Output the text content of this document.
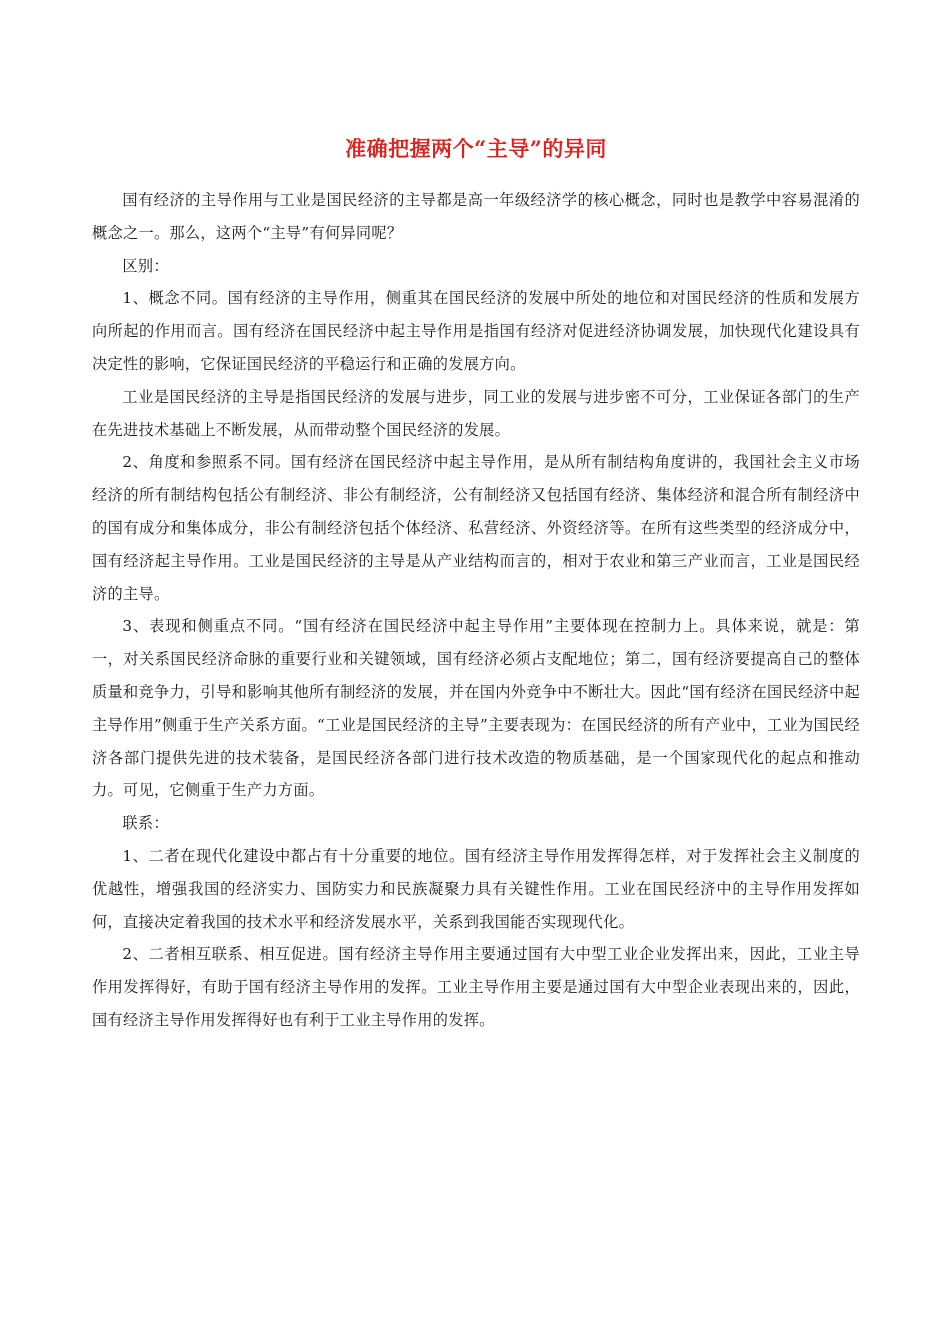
准确把握两个“主导”的异同

国有经济的主导作用与工业是国民经济的主导都是高一年级经济学的核心概念，同时也是教学中容易混淆的概念之一。那么，这两个“主导”有何异同呢？

区别：

1、概念不同。国有经济的主导作用，侧重其在国民经济的发展中所处的地位和对国民经济的性质和发展方向所起的作用而言。国有经济在国民经济中起主导作用是指国有经济对促进经济协调发展，加快现代化建设具有决定性的影响，它保证国民经济的平稳运行和正确的发展方向。

工业是国民经济的主导是指国民经济的发展与进步，同工业的发展与进步密不可分，工业保证各部门的生产在先进技术基础上不断发展，从而带动整个国民经济的发展。

2、角度和参照系不同。国有经济在国民经济中起主导作用，是从所有制结构角度讲的，我国社会主义市场经济的所有制结构包括公有制经济、非公有制经济，公有制经济又包括国有经济、集体经济和混合所有制经济中的国有成分和集体成分，非公有制经济包括个体经济、私营经济、外资经济等。在所有这些类型的经济成分中，国有经济起主导作用。工业是国民经济的主导是从产业结构而言的，相对于农业和第三产业而言，工业是国民经济的主导。

3、表现和侧重点不同。“国有经济在国民经济中起主导作用”主要体现在控制力上。具体来说，就是：第一，对关系国民经济命脉的重要行业和关键领域，国有经济必须占支配地位；第二，国有经济要提高自己的整体质量和竞争力，引导和影响其他所有制经济的发展，并在国内外竞争中不断壮大。因此“国有经济在国民经济中起主导作用”侧重于生产关系方面。“工业是国民经济的主导”主要表现为：在国民经济的所有产业中，工业为国民经济各部门提供先进的技术装备，是国民经济各部门进行技术改造的物质基础，是一个国家现代化的起点和推动力。可见，它侧重于生产力方面。

联系：

1、二者在现代化建设中都占有十分重要的地位。国有经济主导作用发挥得怎样，对于发挥社会主义制度的优越性，增强我国的经济实力、国防实力和民族凝聚力具有关键性作用。工业在国民经济中的主导作用发挥如何，直接决定着我国的技术水平和经济发展水平，关系到我国能否实现现代化。

2、二者相互联系、相互促进。国有经济主导作用主要通过国有大中型工业企业发挥出来，因此，工业主导作用发挥得好，有助于国有经济主导作用的发挥。工业主导作用主要是通过国有大中型企业表现出来的，因此，国有经济主导作用发挥得好也有利于工业主导作用的发挥。
